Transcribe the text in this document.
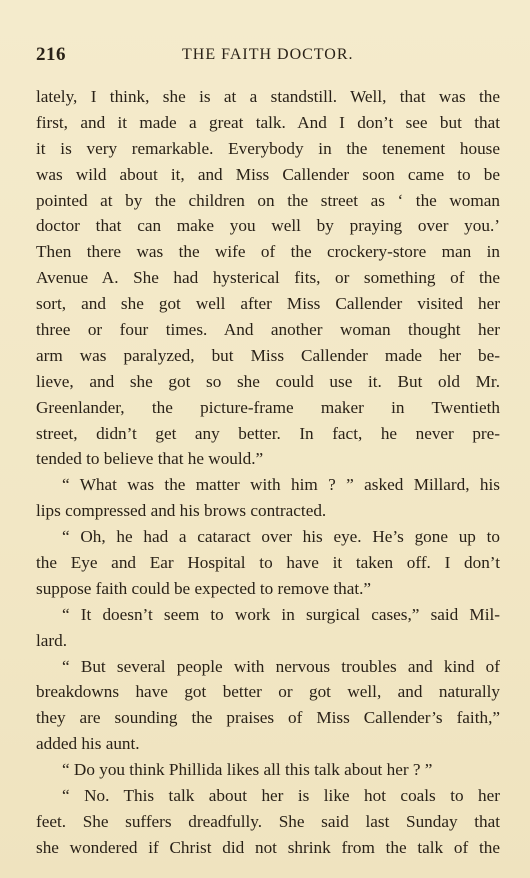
216	THE FAITH DOCTOR.
lately, I think, she is at a standstill. Well, that was the
first, and it made a great talk. And I don’t see but that
it is very remarkable. Everybody in the tenement house
was wild about it, and Miss Callender soon came to be
pointed at by the children on the street as ‘ the woman
doctor that can make you well by praying over you.’
Then there was the wife of the crockery-store man in
Avenue A. She had hysterical fits, or something of the
sort, and she got well after Miss Callender visited her
three or four times. And another woman thought her
arm was paralyzed, but Miss Callender made her be-
lieve, and she got so she could use it. But old Mr.
Greenlander, the picture-frame maker in Twentieth
street, didn’t get any better. In fact, he never pre-
tended to believe that he would.”
“ What was the matter with him ? ” asked Millard, his
lips compressed and his brows contracted.
“ Oh, he had a cataract over his eye. He’s gone up to
the Eye and Ear Hospital to have it taken off. I don’t
suppose faith could be expected to remove that.”
“ It doesn’t seem to work in surgical cases,” said Mil-
lard.
“ But several people with nervous troubles and kind of
breakdowns have got better or got well, and naturally
they are sounding the praises of Miss Callender’s faith,”
added his aunt.
“ Do you think Phillida likes all this talk about her ? ”
“ No. This talk about her is like hot coals to her
feet. She suffers dreadfully. She said last Sunday that
she wondered if Christ did not shrink from the talk of the
